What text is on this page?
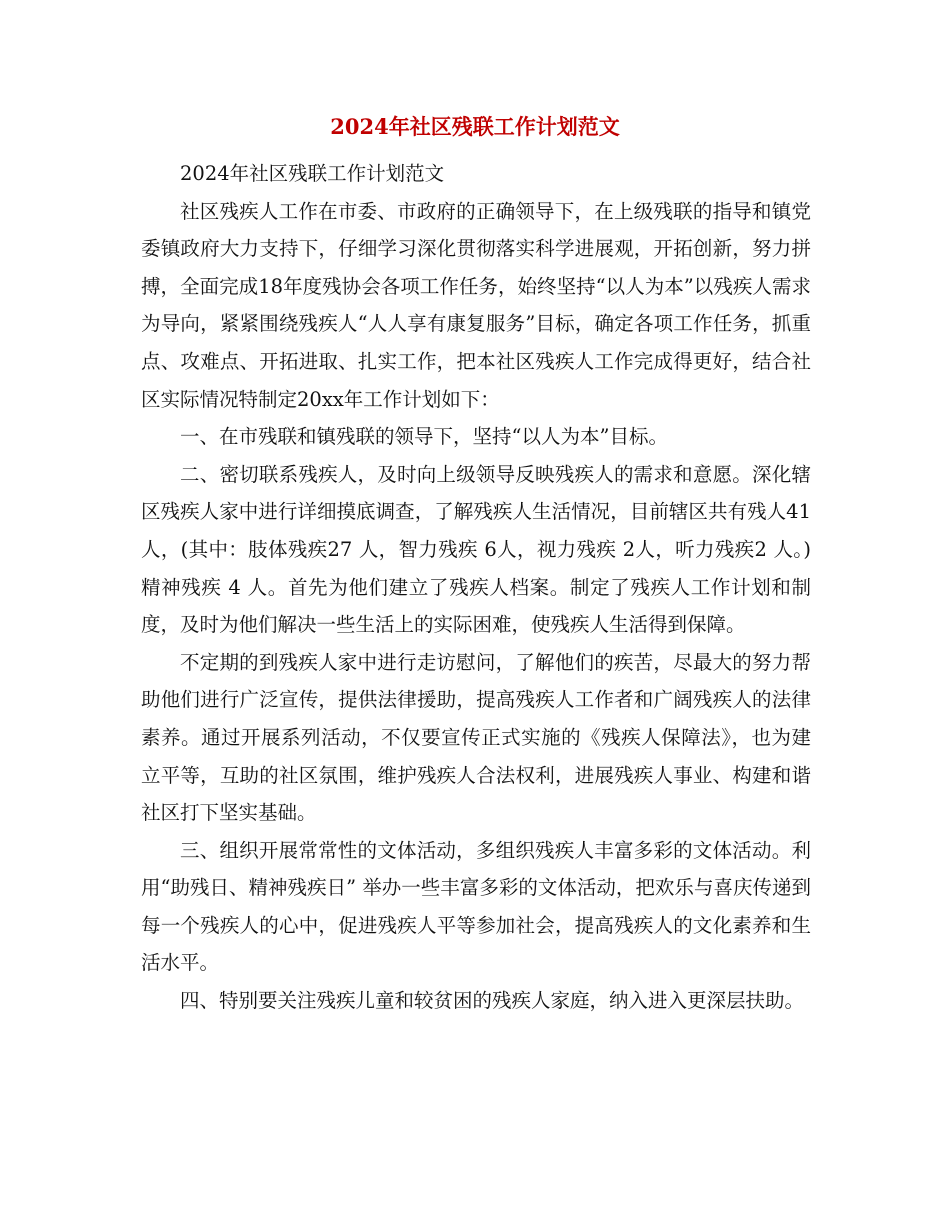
2024年社区残联工作计划范文

2024年社区残联工作计划范文

社区残疾人工作在市委、市政府的正确领导下，在上级残联的指导和镇党委镇政府大力支持下，仔细学习深化贯彻落实科学进展观，开拓创新，努力拼搏，全面完成18年度残协会各项工作任务，始终坚持“以人为本”以残疾人需求为导向，紧紧围绕残疾人“人人享有康复服务”目标，确定各项工作任务，抓重点、攻难点、开拓进取、扎实工作，把本社区残疾人工作完成得更好，结合社区实际情况特制定20xx年工作计划如下：

一、在市残联和镇残联的领导下，坚持“以人为本”目标。

二、密切联系残疾人，及时向上级领导反映残疾人的需求和意愿。深化辖区残疾人家中进行详细摸底调查，了解残疾人生活情况，目前辖区共有残人41人，(其中：肢体残疾27 人，智力残疾 6人，视力残疾 2人，听力残疾2 人。)精神残疾 4 人。首先为他们建立了残疾人档案。制定了残疾人工作计划和制度，及时为他们解决一些生活上的实际困难，使残疾人生活得到保障。

不定期的到残疾人家中进行走访慰问，了解他们的疾苦，尽最大的努力帮助他们进行广泛宣传，提供法律援助，提高残疾人工作者和广阔残疾人的法律素养。通过开展系列活动，不仅要宣传正式实施的《残疾人保障法》，也为建立平等，互助的社区氛围，维护残疾人合法权利，进展残疾人事业、构建和谐社区打下坚实基础。

三、组织开展常常性的文体活动，多组织残疾人丰富多彩的文体活动。利用“助残日、精神残疾日” 举办一些丰富多彩的文体活动，把欢乐与喜庆传递到每一个残疾人的心中，促进残疾人平等参加社会，提高残疾人的文化素养和生活水平。

四、特别要关注残疾儿童和较贫困的残疾人家庭，纳入进入更深层扶助。
